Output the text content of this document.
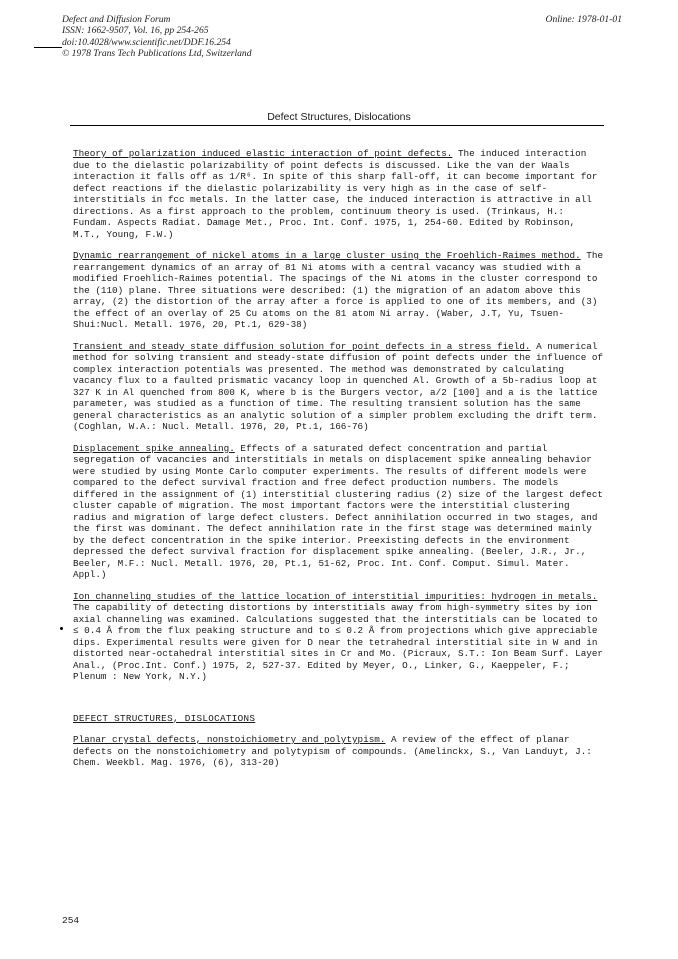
Defect and Diffusion Forum
ISSN: 1662-9507, Vol. 16, pp 254-265
doi:10.4028/www.scientific.net/DDF.16.254
© 1978 Trans Tech Publications Ltd, Switzerland
Online: 1978-01-01
Defect Structures, Dislocations

Theory of polarization induced elastic interaction of point defects. The induced interaction due to the dielastic polarizability of point defects is discussed. Like the van der Waals interaction it falls off as 1/R⁶. In spite of this sharp fall-off, it can become important for defect reactions if the dielastic polarizability is very high as in the case of self-interstitials in fcc metals. In the latter case, the induced interaction is attractive in all directions. As a first approach to the problem, continuum theory is used. (Trinkaus, H.: Fundam. Aspects Radiat. Damage Met., Proc. Int. Conf. 1975, 1, 254-60. Edited by Robinson, M.T., Young, F.W.)

Dynamic rearrangement of nickel atoms in a large cluster using the Froehlich-Raimes method. The rearrangement dynamics of an array of 81 Ni atoms with a central vacancy was studied with a modified Froehlich-Raimes potential. The spacings of the Ni atoms in the cluster correspond to the (110) plane. Three situations were described: (1) the migration of an adatom above this array, (2) the distortion of the array after a force is applied to one of its members, and (3) the effect of an overlay of 25 Cu atoms on the 81 atom Ni array. (Waber, J.T, Yu, Tsuen-Shui:Nucl. Metall. 1976, 20, Pt.1, 629-38)

Transient and steady state diffusion solution for point defects in a stress field. A numerical method for solving transient and steady-state diffusion of point defects under the influence of complex interaction potentials was presented. The method was demonstrated by calculating vacancy flux to a faulted prismatic vacancy loop in quenched Al. Growth of a 5b-radius loop at 327 K in Al quenched from 800 K, where b is the Burgers vector, a/2 [100] and a is the lattice parameter, was studied as a function of time. The resulting transient solution has the same general characteristics as an analytic solution of a simpler problem excluding the drift term. (Coghlan, W.A.: Nucl. Metall. 1976, 20, Pt.1, 166-76)

Displacement spike annealing. Effects of a saturated defect concentration and partial segregation of vacancies and interstitials in metals on displacement spike annealing behavior were studied by using Monte Carlo computer experiments. The results of different models were compared to the defect survival fraction and free defect production numbers. The models differed in the assignment of (1) interstitial clustering radius (2) size of the largest defect cluster capable of migration. The most important factors were the interstitial clustering radius and migration of large defect clusters. Defect annihilation occurred in two stages, and the first was dominant. The defect annihilation rate in the first stage was determined mainly by the defect concentration in the spike interior. Preexisting defects in the environment depressed the defect survival fraction for displacement spike annealing. (Beeler, J.R., Jr., Beeler, M.F.: Nucl. Metall. 1976, 20, Pt.1, 51-62, Proc. Int. Conf. Comput. Simul. Mater. Appl.)

Ion channeling studies of the lattice location of interstitial impurities: hydrogen in metals. The capability of detecting distortions by interstitials away from high-symmetry sites by ion axial channeling was examined. Calculations suggested that the interstitials can be located to ≤ 0.4 Å from the flux peaking structure and to ≤ 0.2 Å from projections which give appreciable dips. Experimental results were given for D near the tetrahedral interstitial site in W and in distorted near-octahedral interstitial sites in Cr and Mo. (Picraux, S.T.: Ion Beam Surf. Layer Anal., (Proc.Int. Conf.) 1975, 2, 527-37. Edited by Meyer, O., Linker, G., Kaeppeler, F.; Plenum : New York, N.Y.)

DEFECT STRUCTURES, DISLOCATIONS

Planar crystal defects, nonstoichiometry and polytypism. A review of the effect of planar defects on the nonstoichiometry and polytypism of compounds. (Amelinckx, S., Van Landuyt, J.: Chem. Weekbl. Mag. 1976, (6), 313-20)

254
